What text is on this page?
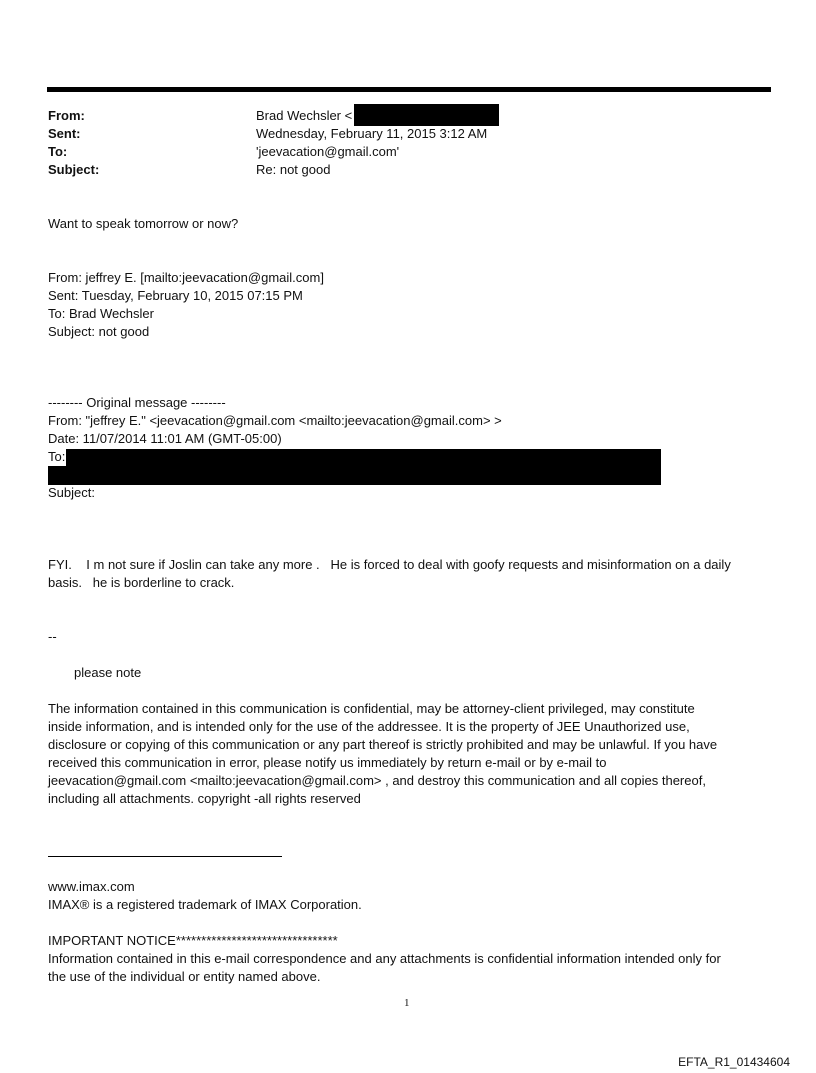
From:	Brad Wechsler <
Sent:	Wednesday, February 11, 2015 3:12 AM
To:	'jeevacation@gmail.com'
Subject:	Re: not good
Want to speak tomorrow or now?
From: jeffrey E. [mailto:jeevacation@gmail.com]
Sent: Tuesday, February 10, 2015 07:15 PM
To: Brad Wechsler
Subject: not good
-------- Original message --------
From: "jeffrey E." <jeevacation@gmail.com <mailto:jeevacation@gmail.com> >
Date: 11/07/2014 11:01 AM (GMT-05:00)
To:
Subject:
FYI.    I m not sure if Joslin can take any more .   He is forced to deal with goofy requests and misinformation on a daily
basis.   he is borderline to crack.
--
please note
The information contained in this communication is confidential, may be attorney-client privileged, may constitute
inside information, and is intended only for the use of the addressee. It is the property of JEE Unauthorized use,
disclosure or copying of this communication or any part thereof is strictly prohibited and may be unlawful. If you have
received this communication in error, please notify us immediately by return e-mail or by e-mail to
jeevacation@gmail.com <mailto:jeevacation@gmail.com> , and destroy this communication and all copies thereof,
including all attachments. copyright -all rights reserved
www.imax.com
IMAX® is a registered trademark of IMAX Corporation.
IMPORTANT NOTICE********************************
Information contained in this e-mail correspondence and any attachments is confidential information intended only for
the use of the individual or entity named above.
1
EFTA_R1_01434604
